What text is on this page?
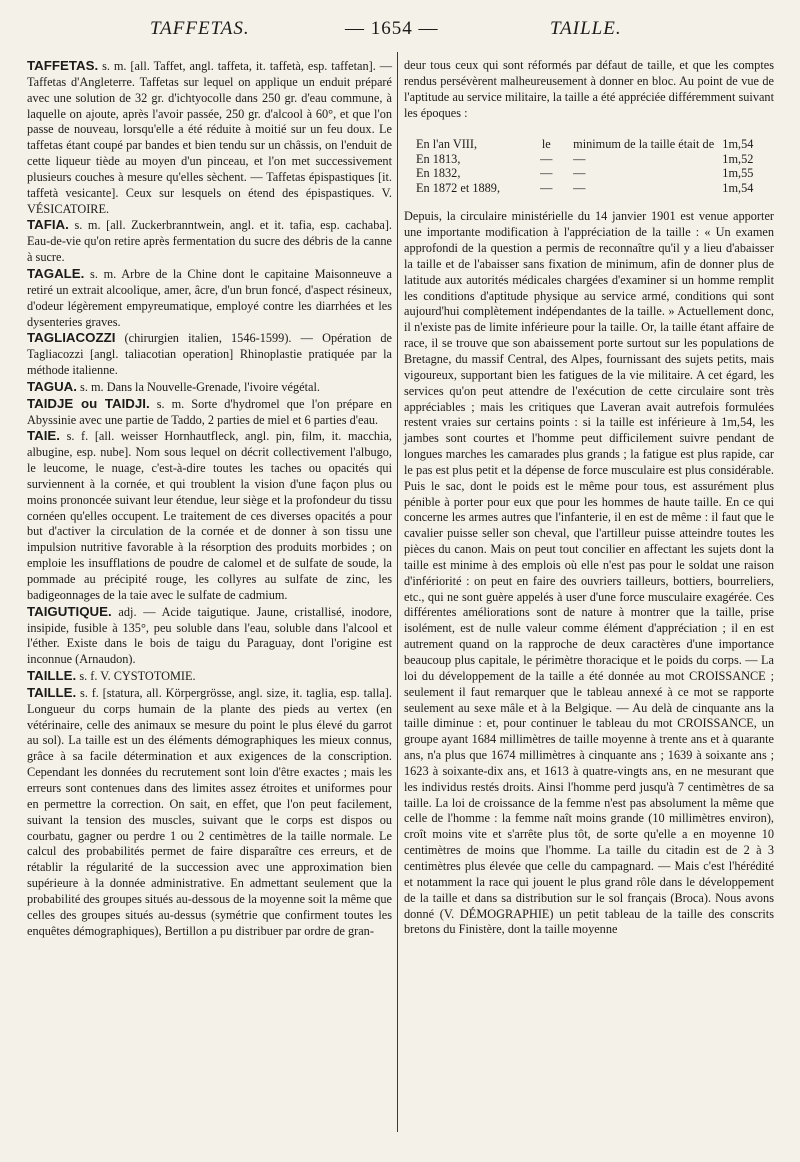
TAFFETAS.	— 1654 —	TAILLE.

TAFFETAS. s. m. [all. Taffet, angl. taffeta, it. taffetà, esp. taffetan]. — Taffetas d'Angleterre. Taffetas sur lequel on applique un enduit préparé avec une solution de 32 gr. d'ichtyocolle dans 250 gr. d'eau commune, à laquelle on ajoute, après l'avoir passée, 250 gr. d'alcool à 60°, et que l'on passe de nouveau, lorsqu'elle a été réduite à moitié sur un feu doux. Le taffetas étant coupé par bandes et bien tendu sur un châssis, on l'enduit de cette liqueur tiède au moyen d'un pinceau, et l'on met successivement plusieurs couches à mesure qu'elles sèchent. — Taffetas épispastiques [it. taffetà vesicante]. Ceux sur lesquels on étend des épispastiques. V. VÉSICATOIRE.

TAFIA. s. m. [all. Zuckerbranntwein, angl. et it. tafia, esp. cachaba]. Eau-de-vie qu'on retire après fermentation du sucre des débris de la canne à sucre.

TAGALE. s. m. Arbre de la Chine dont le capitaine Maisonneuve a retiré un extrait alcoolique, amer, âcre, d'un brun foncé, d'aspect résineux, d'odeur légèrement empyreumatique, employé contre les diarrhées et les dysenteries graves.

TAGLIACOZZI (chirurgien italien, 1546-1599). — Opération de Tagliacozzi [angl. taliacotian operation] Rhinoplastie pratiquée par la méthode italienne.

TAGUA. s. m. Dans la Nouvelle-Grenade, l'ivoire végétal.

TAIDJE ou TAIDJI. s. m. Sorte d'hydromel que l'on prépare en Abyssinie avec une partie de Taddo, 2 parties de miel et 6 parties d'eau.

TAIE. s. f. [all. weisser Hornhautfleck, angl. pin, film, it. macchia, albugine, esp. nube]. Nom sous lequel on décrit collectivement l'albugo, le leucome, le nuage, c'est-à-dire toutes les taches ou opacités qui surviennent à la cornée, et qui troublent la vision d'une façon plus ou moins prononcée suivant leur étendue, leur siège et la profondeur du tissu cornéen qu'elles occupent. Le traitement de ces diverses opacités a pour but d'activer la circulation de la cornée et de donner à son tissu une impulsion nutritive favorable à la résorption des produits morbides ; on emploie les insufflations de poudre de calomel et de sulfate de soude, la pommade au précipité rouge, les collyres au sulfate de zinc, les badigeonnages de la taie avec le sulfate de cadmium.

TAIGUTIQUE. adj. — Acide taigutique. Jaune, cristallisé, inodore, insipide, fusible à 135°, peu soluble dans l'eau, soluble dans l'alcool et l'éther. Existe dans le bois de taigu du Paraguay, dont l'origine est inconnue (Arnaudon).

TAILLE. s. f. V. CYSTOTOMIE.

TAILLE. s. f. [statura, all. Körpergrösse, angl. size, it. taglia, esp. talla]. Longueur du corps humain de la plante des pieds au vertex (en vétérinaire, celle des animaux se mesure du point le plus élevé du garrot au sol). La taille est un des éléments démographiques les mieux connus, grâce à sa facile détermination et aux exigences de la conscription. Cependant les données du recrutement sont loin d'être exactes ; mais les erreurs sont contenues dans des limites assez étroites et uniformes pour en permettre la correction. On sait, en effet, que l'on peut facilement, suivant la tension des muscles, suivant que le corps est dispos ou courbatu, gagner ou perdre 1 ou 2 centimètres de la taille normale. Le calcul des probabilités permet de faire disparaître ces erreurs, et de rétablir la régularité de la succession avec une approximation bien supérieure à la donnée administrative. En admettant seulement que la probabilité des groupes situés au-dessous de la moyenne soit la même que celles des groupes situés au-dessus (symétrie que confirment toutes les enquêtes démographiques), Bertillon a pu distribuer par ordre de gran-

deur tous ceux qui sont réformés par défaut de taille, et que les comptes rendus persévèrent malheureusement à donner en bloc. Au point de vue de l'aptitude au service militaire, la taille a été appréciée différemment suivant les époques :

En l'an VIII,	le	minimum de la taille était de 1m,54
En 1813,	—	—	1m,52
En 1832,	—	—	1m,55
En 1872 et 1889,	—	—	1m,54

Depuis, la circulaire ministérielle du 14 janvier 1901 est venue apporter une importante modification à l'appréciation de la taille : « Un examen approfondi de la question a permis de reconnaître qu'il y a lieu d'abaisser la taille et de l'abaisser sans fixation de minimum, afin de donner plus de latitude aux autorités médicales chargées d'examiner si un homme remplit les conditions d'aptitude physique au service armé, conditions qui sont aujourd'hui complètement indépendantes de la taille. » Actuellement donc, il n'existe pas de limite inférieure pour la taille. Or, la taille étant affaire de race, il se trouve que son abaissement porte surtout sur les populations de Bretagne, du massif Central, des Alpes, fournissant des sujets petits, mais vigoureux, supportant bien les fatigues de la vie militaire. A cet égard, les services qu'on peut attendre de l'exécution de cette circulaire sont très appréciables ; mais les critiques que Laveran avait autrefois formulées restent vraies sur certains points : si la taille est inférieure à 1m,54, les jambes sont courtes et l'homme peut difficilement suivre pendant de longues marches les camarades plus grands ; la fatigue est plus rapide, car le pas est plus petit et la dépense de force musculaire est plus considérable. Puis le sac, dont le poids est le même pour tous, est assurément plus pénible à porter pour eux que pour les hommes de haute taille. En ce qui concerne les armes autres que l'infanterie, il en est de même : il faut que le cavalier puisse seller son cheval, que l'artilleur puisse atteindre toutes les pièces du canon. Mais on peut tout concilier en affectant les sujets dont la taille est minime à des emplois où elle n'est pas pour le soldat une raison d'infériorité : on peut en faire des ouvriers tailleurs, bottiers, bourreliers, etc., qui ne sont guère appelés à user d'une force musculaire exagérée. Ces différentes améliorations sont de nature à montrer que la taille, prise isolément, est de nulle valeur comme élément d'appréciation ; il en est autrement quand on la rapproche de deux caractères d'une importance beaucoup plus capitale, le périmètre thoracique et le poids du corps. — La loi du développement de la taille a été donnée au mot CROISSANCE ; seulement il faut remarquer que le tableau annexé à ce mot se rapporte seulement au sexe mâle et à la Belgique. — Au delà de cinquante ans la taille diminue : et, pour continuer le tableau du mot CROISSANCE, un groupe ayant 1684 millimètres de taille moyenne à trente ans et à quarante ans, n'a plus que 1674 millimètres à cinquante ans ; 1639 à soixante ans ; 1623 à soixante-dix ans, et 1613 à quatre-vingts ans, en ne mesurant que les individus restés droits. Ainsi l'homme perd jusqu'à 7 centimètres de sa taille. La loi de croissance de la femme n'est pas absolument la même que celle de l'homme : la femme naît moins grande (10 millimètres environ), croît moins vite et s'arrête plus tôt, de sorte qu'elle a en moyenne 10 centimètres de moins que l'homme. La taille du citadin est de 2 à 3 centimètres plus élevée que celle du campagnard. — Mais c'est l'hérédité et notamment la race qui jouent le plus grand rôle dans le développement de la taille et dans sa distribution sur le sol français (Broca). Nous avons donné (V. DÉMOGRAPHIE) un petit tableau de la taille des conscrits bretons du Finistère, dont la taille moyenne
